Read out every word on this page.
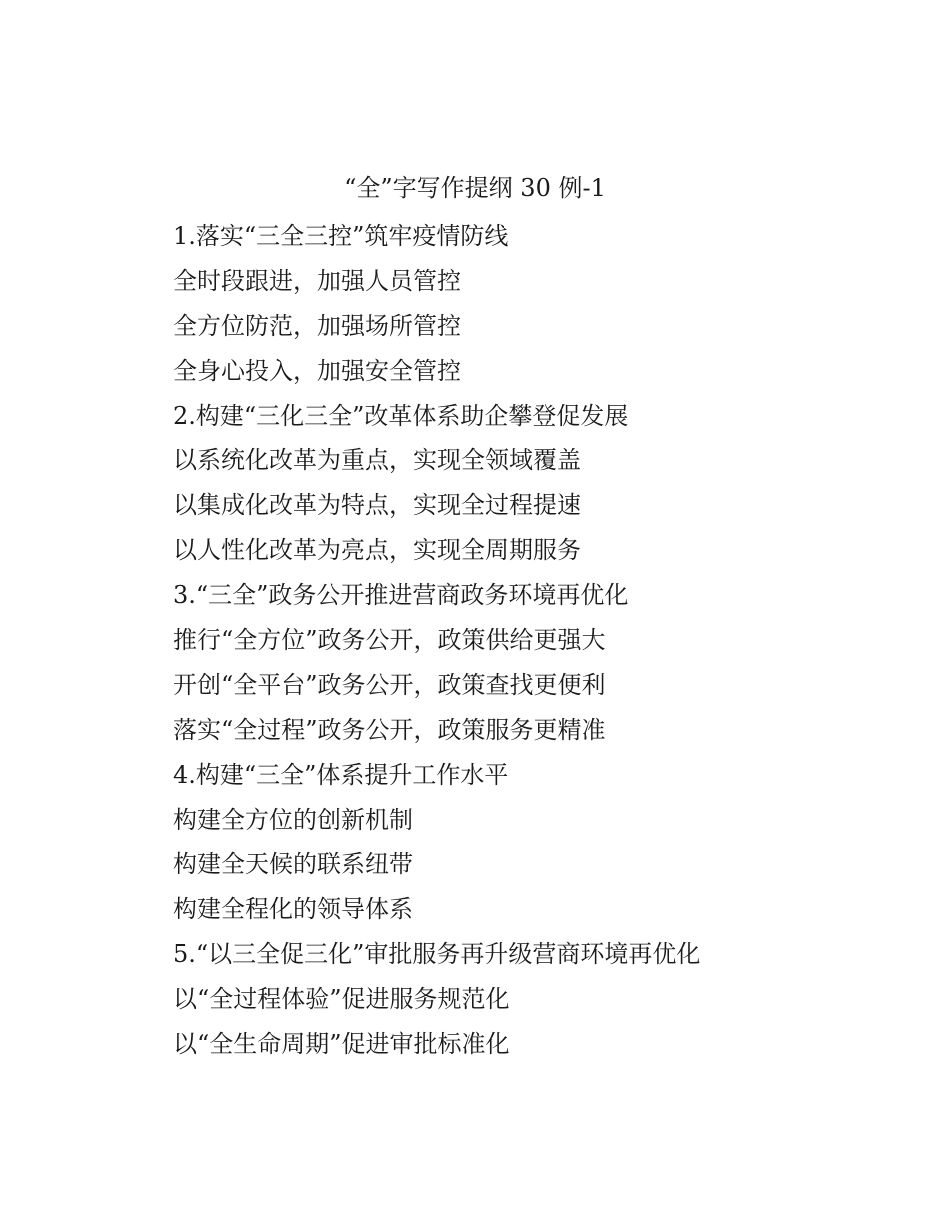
“全”字写作提纲 30 例-1
1.落实“三全三控”筑牢疫情防线
全时段跟进，加强人员管控
全方位防范，加强场所管控
全身心投入，加强安全管控
2.构建“三化三全”改革体系助企攀登促发展
以系统化改革为重点，实现全领域覆盖
以集成化改革为特点，实现全过程提速
以人性化改革为亮点，实现全周期服务
3.“三全”政务公开推进营商政务环境再优化
推行“全方位”政务公开，政策供给更强大
开创“全平台”政务公开，政策查找更便利
落实“全过程”政务公开，政策服务更精准
4.构建“三全”体系提升工作水平
构建全方位的创新机制
构建全天候的联系纽带
构建全程化的领导体系
5.“以三全促三化”审批服务再升级营商环境再优化
以“全过程体验”促进服务规范化
以“全生命周期”促进审批标准化
